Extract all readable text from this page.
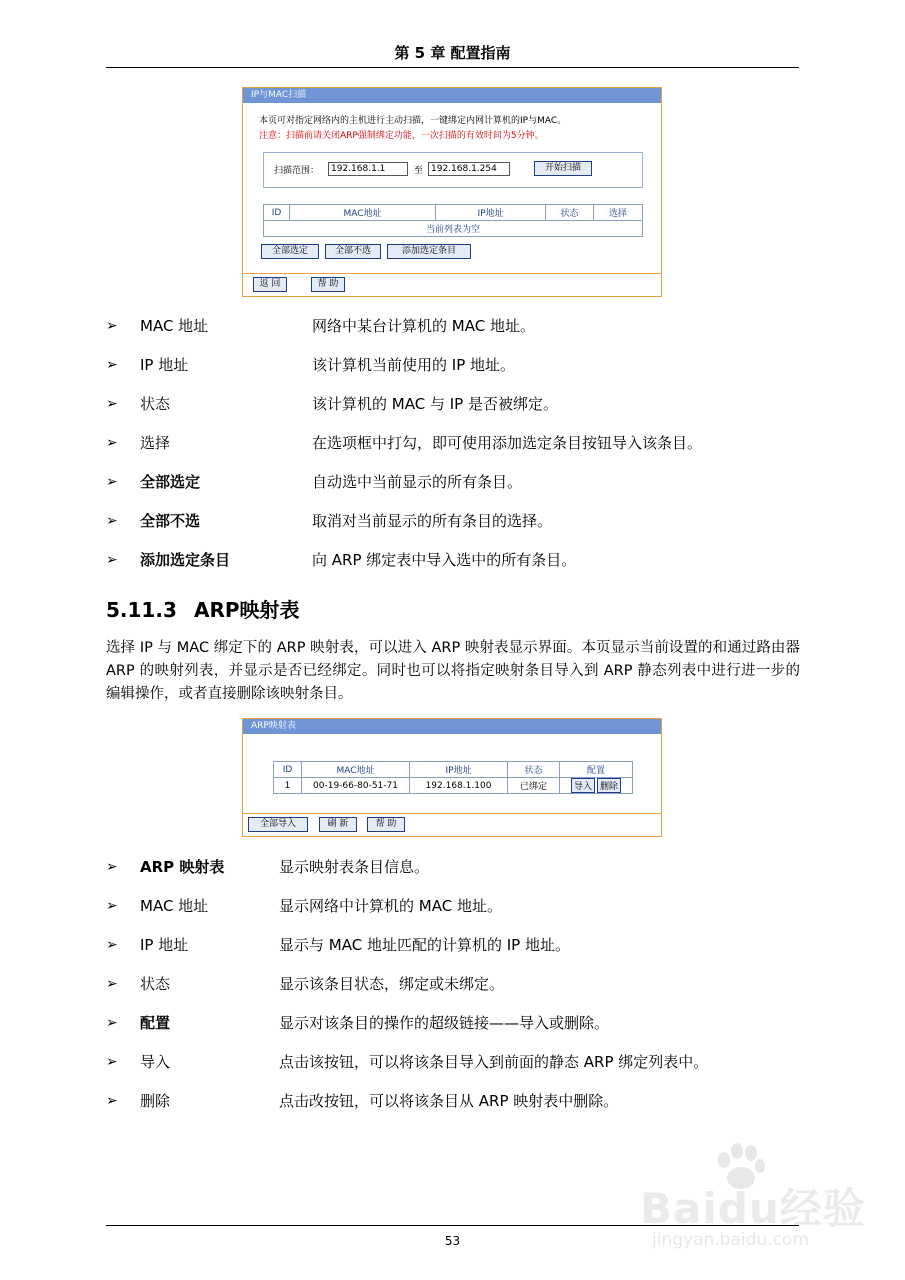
第 5 章 配置指南
IP与MAC扫描
本页可对指定网络内的主机进行主动扫描，一键绑定内网计算机的IP与MAC。
注意：扫描前请关闭ARP强制绑定功能，一次扫描的有效时间为5分钟。
扫描范围：	192.168.1.1	至 192.168.1.254	开始扫描
ID	MAC地址	IP地址	状态	选择
当前列表为空
全部选定	全部不选	添加选定条目
返 回	帮 助
5.11.3 ARP映射表
选择 IP 与 MAC 绑定下的 ARP 映射表，可以进入 ARP 映射表显示界面。本页显示当前设置的和通过路由器 ARP 的映射列表，并显示是否已经绑定。同时也可以将指定映射条目导入到 ARP 静态列表中进行进一步的编辑操作，或者直接删除该映射条目。
ARP映射表
ID	MAC地址	IP地址	状态	配置
1	00-19-66-80-51-71	192.168.1.100	已绑定	导入 删除
全部导入	刷 新	帮 助
53
Baidu经验
jingyan.baidu.com
➢ MAC 地址	网络中某台计算机的 MAC 地址。
➢ IP 地址	该计算机当前使用的 IP 地址。
➢ 状态	该计算机的 MAC 与 IP 是否被绑定。
➢ 选择	在选项框中打勾，即可使用添加选定条目按钮导入该条目。
➢ 全部选定	自动选中当前显示的所有条目。
➢ 全部不选	取消对当前显示的所有条目的选择。
➢ 添加选定条目	向 ARP 绑定表中导入选中的所有条目。
➢ ARP 映射表	显示映射表条目信息。
➢ MAC 地址	显示网络中计算机的 MAC 地址。
➢ IP 地址	显示与 MAC 地址匹配的计算机的 IP 地址。
➢ 状态	显示该条目状态，绑定或未绑定。
➢ 配置	显示对该条目的操作的超级链接——导入或删除。
➢ 导入	点击该按钮，可以将该条目导入到前面的静态 ARP 绑定列表中。
➢ 删除	点击改按钮，可以将该条目从 ARP 映射表中删除。
